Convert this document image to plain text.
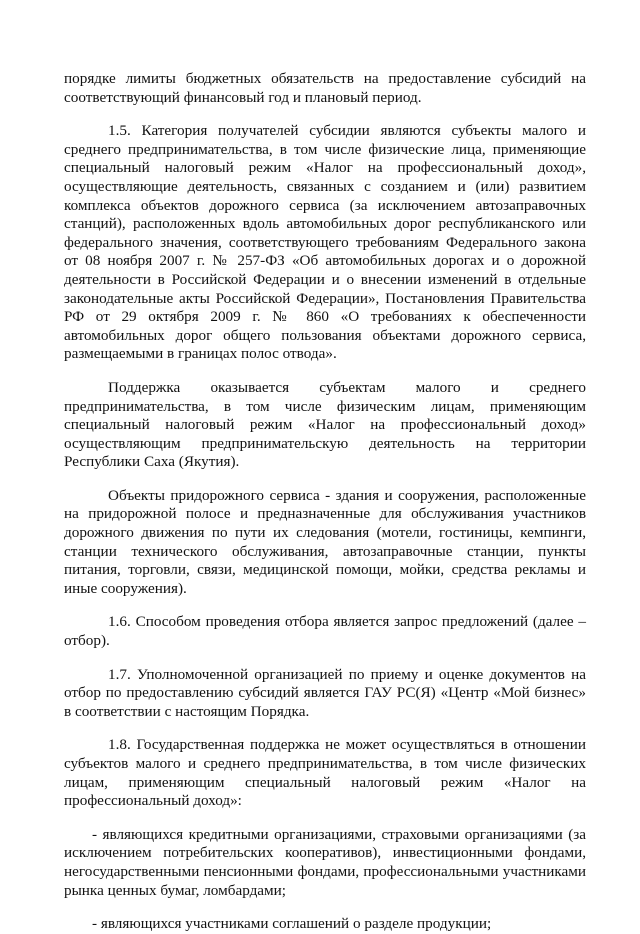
порядке лимиты бюджетных обязательств на предоставление субсидий на соответствующий финансовый год и плановый период.

1.5. Категория получателей субсидии являются субъекты малого и среднего предпринимательства, в том числе физические лица, применяющие специальный налоговый режим «Налог на профессиональный доход», осуществляющие деятельность, связанных с созданием и (или) развитием комплекса объектов дорожного сервиса (за исключением автозаправочных станций), расположенных вдоль автомобильных дорог республиканского или федерального значения, соответствующего требованиям Федерального закона от 08 ноября 2007 г. № 257-ФЗ «Об автомобильных дорогах и о дорожной деятельности в Российской Федерации и о внесении изменений в отдельные законодательные акты Российской Федерации», Постановления Правительства РФ от 29 октября 2009 г. № 860 «О требованиях к обеспеченности автомобильных дорог общего пользования объектами дорожного сервиса, размещаемыми в границах полос отвода».

Поддержка оказывается субъектам малого и среднего предпринимательства, в том числе физическим лицам, применяющим специальный налоговый режим «Налог на профессиональный доход» осуществляющим предпринимательскую деятельность на территории Республики Саха (Якутия).

Объекты придорожного сервиса - здания и сооружения, расположенные на придорожной полосе и предназначенные для обслуживания участников дорожного движения по пути их следования (мотели, гостиницы, кемпинги, станции технического обслуживания, автозаправочные станции, пункты питания, торговли, связи, медицинской помощи, мойки, средства рекламы и иные сооружения).

1.6. Способом проведения отбора является запрос предложений (далее – отбор).

1.7. Уполномоченной организацией по приему и оценке документов на отбор по предоставлению субсидий является ГАУ РС(Я) «Центр «Мой бизнес» в соответствии с настоящим Порядка.

1.8. Государственная поддержка не может осуществляться в отношении субъектов малого и среднего предпринимательства, в том числе физических лицам, применяющим специальный налоговый режим «Налог на профессиональный доход»:

- являющихся кредитными организациями, страховыми организациями (за исключением потребительских кооперативов), инвестиционными фондами, негосударственными пенсионными фондами, профессиональными участниками рынка ценных бумаг, ломбардами;

- являющихся участниками соглашений о разделе продукции;
